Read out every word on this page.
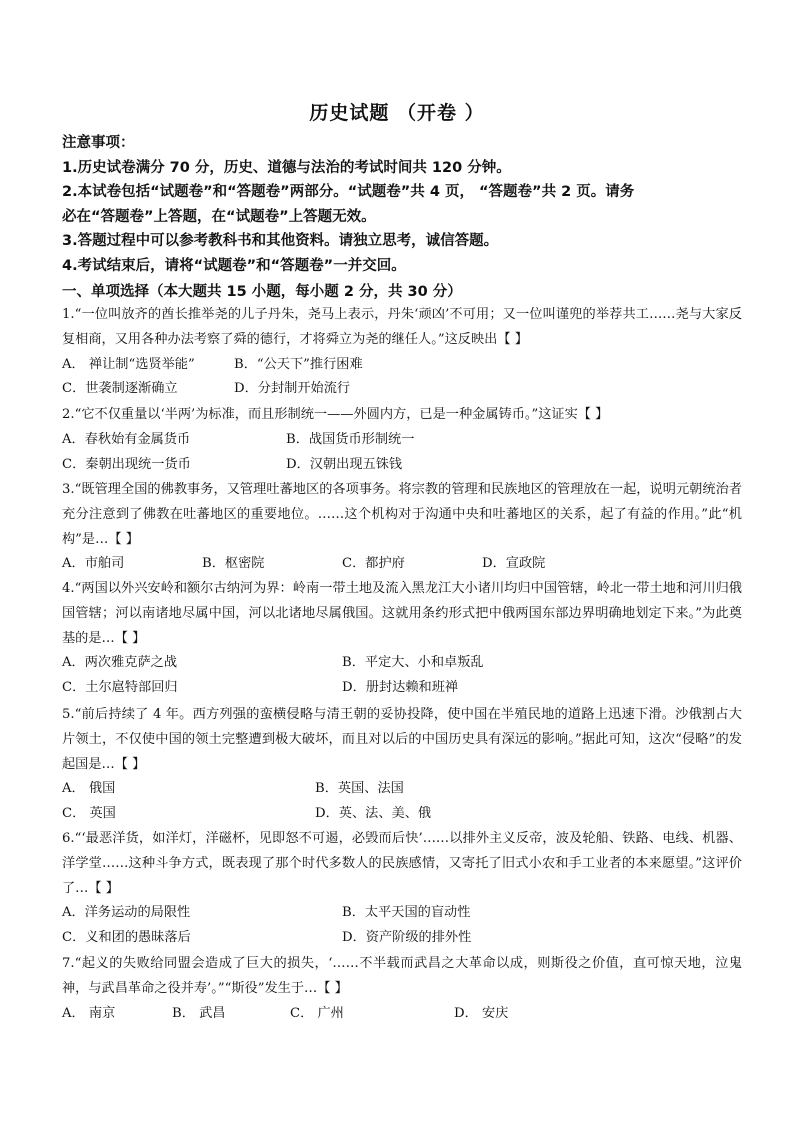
历史试题 （开卷 ）
注意事项：
1.历史试卷满分 70 分，历史、道德与法治的考试时间共 120 分钟。
2.本试卷包括“试题卷”和“答题卷”两部分。“试题卷”共 4 页， “答题卷”共 2 页。请务
必在“答题卷”上答题，在“试题卷”上答题无效。
3.答题过程中可以参考教科书和其他资料。请独立思考，诚信答题。
4.考试结束后，请将“试题卷”和“答题卷”一并交回。
一、单项选择（本大题共 15 小题，每小题 2 分，共 30 分）

1.“一位叫放齐的酋长推举尧的儿子丹朱，尧马上表示，丹朱‘顽凶’不可用；又一位叫谨兜的举荐共工……尧与大家反复相商，又用各种办法考察了舜的德行，才将舜立为尧的继任人。”这反映出【 】

A． 禅让制“选贤举能”	B．“公天下”推行困难
C．世袭制逐渐确立	D．分封制开始流行

2.“它不仅重量以‘半两’为标准，而且形制统一——外圆内方，已是一种金属铸币。”这证实【 】

A．春秋始有金属货币	B．战国货币形制统一
C．秦朝出现统一货币	D．汉朝出现五铢钱

3.“既管理全国的佛教事务，又管理吐蕃地区的各项事务。将宗教的管理和民族地区的管理放在一起，说明元朝统治者充分注意到了佛教在吐蕃地区的重要地位。……这个机构对于沟通中央和吐蕃地区的关系，起了有益的作用。”此“机构”是…【 】

A．市舶司	B．枢密院	C．都护府	D．宣政院

4.“两国以外兴安岭和额尔古纳河为界：岭南一带土地及流入黑龙江大小诸川均归中国管辖，岭北一带土地和河川归俄国管辖；河以南诸地尽属中国，河以北诸地尽属俄国。这就用条约形式把中俄两国东部边界明确地划定下来。”为此奠基的是…【 】

A．两次雅克萨之战	B．平定大、小和卓叛乱
C．土尔扈特部回归	D．册封达赖和班禅

5.“前后持续了 4 年。西方列强的蛮横侵略与清王朝的妥协投降，使中国在半殖民地的道路上迅速下滑。沙俄割占大片领土，不仅使中国的领土完整遭到极大破坏，而且对以后的中国历史具有深远的影响。”据此可知，这次“侵略”的发起国是…【 】

A． 俄国	B．英国、法国
C． 英国	D．英、法、美、俄

6.“‘最恶洋货，如洋灯，洋磁杯，见即怒不可遏，必毁而后快’……以排外主义反帝，波及轮船、铁路、电线、机器、洋学堂……这种斗争方式，既表现了那个时代多数人的民族感情，又寄托了旧式小农和手工业者的本来愿望。”这评价了…【 】

A．洋务运动的局限性	B．太平天国的盲动性
C．义和团的愚昧落后	D．资产阶级的排外性

7.“起义的失败给同盟会造成了巨大的损失，‘……不半载而武昌之大革命以成，则斯役之价值，直可惊天地，泣鬼神，与武昌革命之役并寿’。”“斯役”发生于…【 】

A． 南京	B． 武昌	C． 广州	D． 安庆
